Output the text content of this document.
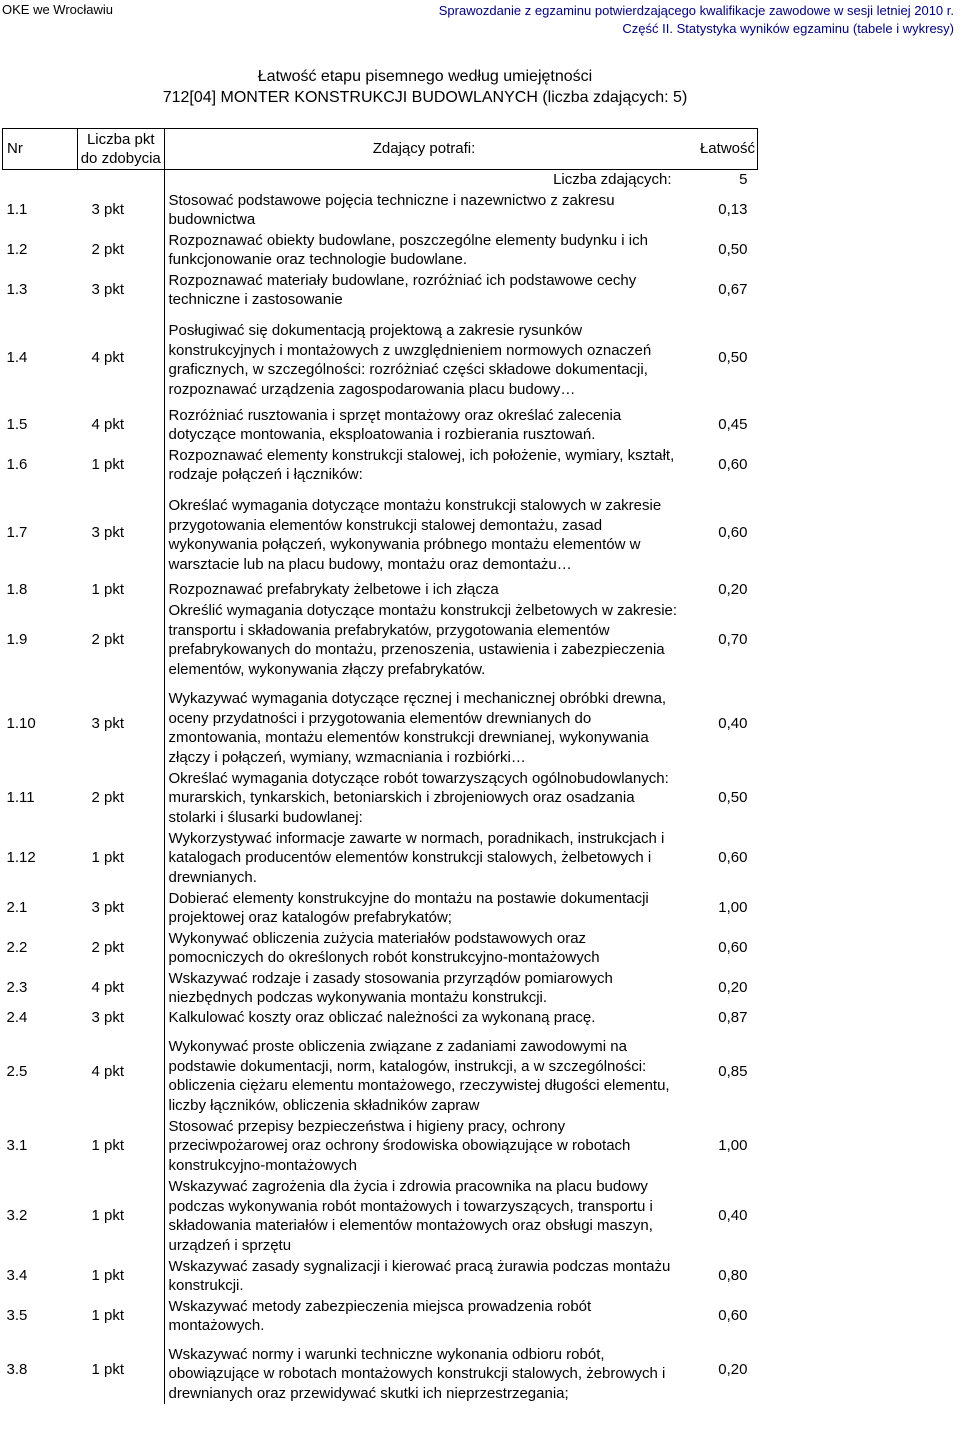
OKE we Wrocławiu	Sprawozdanie z egzaminu potwierdzającego kwalifikacje zawodowe w sesji letniej 2010 r.
Część II. Statystyka wyników egzaminu (tabele i wykresy)
Łatwość etapu pisemnego według umiejętności
712[04] MONTER KONSTRUKCJI BUDOWLANYCH (liczba zdających: 5)
Nr	Liczba pkt do zdobycia	Zdający potrafi:	Łatwość
		Liczba zdających:	5
1.1	3 pkt	Stosować podstawowe pojęcia techniczne i nazewnictwo z zakresu budownictwa	0,13
1.2	2 pkt	Rozpoznawać obiekty budowlane, poszczególne elementy budynku i ich funkcjonowanie oraz technologie budowlane.	0,50
1.3	3 pkt	Rozpoznawać materiały budowlane, rozróżniać ich podstawowe cechy techniczne i zastosowanie	0,67
1.4	4 pkt	Posługiwać się dokumentacją projektową a zakresie rysunków konstrukcyjnych i montażowych z uwzględnieniem normowych oznaczeń graficznych, w szczególności: rozróżniać części składowe dokumentacji, rozpoznawać urządzenia zagospodarowania placu budowy…	0,50
1.5	4 pkt	Rozróżniać rusztowania i sprzęt montażowy oraz określać zalecenia dotyczące montowania, eksploatowania i rozbierania rusztowań.	0,45
1.6	1 pkt	Rozpoznawać elementy konstrukcji stalowej, ich położenie, wymiary, kształt, rodzaje połączeń i łączników:	0,60
1.7	3 pkt	Określać wymagania dotyczące montażu konstrukcji stalowych w zakresie przygotowania elementów konstrukcji stalowej demontażu, zasad wykonywania połączeń, wykonywania próbnego montażu elementów w warsztacie lub na placu budowy, montażu oraz demontażu…	0,60
1.8	1 pkt	Rozpoznawać prefabrykaty żelbetowe i ich złącza	0,20
1.9	2 pkt	Określić wymagania dotyczące montażu konstrukcji żelbetowych w zakresie: transportu i składowania prefabrykatów, przygotowania elementów prefabrykowanych do montażu, przenoszenia, ustawienia i zabezpieczenia elementów, wykonywania złączy prefabrykatów.	0,70
1.10	3 pkt	Wykazywać wymagania dotyczące ręcznej i mechanicznej obróbki drewna, oceny przydatności i przygotowania elementów drewnianych do zmontowania, montażu elementów konstrukcji drewnianej, wykonywania złączy i połączeń, wymiany, wzmacniania i rozbiórki…	0,40
1.11	2 pkt	Określać wymagania dotyczące robót towarzyszących ogólnobudowlanych: murarskich, tynkarskich, betoniarskich i zbrojeniowych oraz osadzania stolarki i ślusarki budowlanej:	0,50
1.12	1 pkt	Wykorzystywać informacje zawarte w normach, poradnikach, instrukcjach i katalogach producentów elementów konstrukcji stalowych, żelbetowych i drewnianych.	0,60
2.1	3 pkt	Dobierać elementy konstrukcyjne do montażu na postawie dokumentacji projektowej oraz katalogów prefabrykatów;	1,00
2.2	2 pkt	Wykonywać obliczenia zużycia materiałów podstawowych oraz pomocniczych do określonych robót konstrukcyjno-montażowych	0,60
2.3	4 pkt	Wskazywać rodzaje i zasady stosowania przyrządów pomiarowych niezbędnych podczas wykonywania montażu konstrukcji.	0,20
2.4	3 pkt	Kalkulować koszty oraz obliczać należności za wykonaną pracę.	0,87
2.5	4 pkt	Wykonywać proste obliczenia związane z zadaniami zawodowymi na podstawie dokumentacji, norm, katalogów, instrukcji, a w szczególności: obliczenia ciężaru elementu montażowego, rzeczywistej długości elementu, liczby łączników, obliczenia składników zapraw	0,85
3.1	1 pkt	Stosować przepisy bezpieczeństwa i higieny pracy, ochrony przeciwpożarowej oraz ochrony środowiska obowiązujące w robotach konstrukcyjno-montażowych	1,00
3.2	1 pkt	Wskazywać zagrożenia dla życia i zdrowia pracownika na placu budowy podczas wykonywania robót montażowych i towarzyszących, transportu i składowania materiałów i elementów montażowych oraz obsługi maszyn, urządzeń i sprzętu	0,40
3.4	1 pkt	Wskazywać zasady sygnalizacji i kierować pracą żurawia podczas montażu konstrukcji.	0,80
3.5	1 pkt	Wskazywać metody zabezpieczenia miejsca prowadzenia robót montażowych.	0,60
3.8	1 pkt	Wskazywać normy i warunki techniczne wykonania odbioru robót, obowiązujące w robotach montażowych konstrukcji stalowych, żebrowych i drewnianych oraz przewidywać skutki ich nieprzestrzegania;	0,20
